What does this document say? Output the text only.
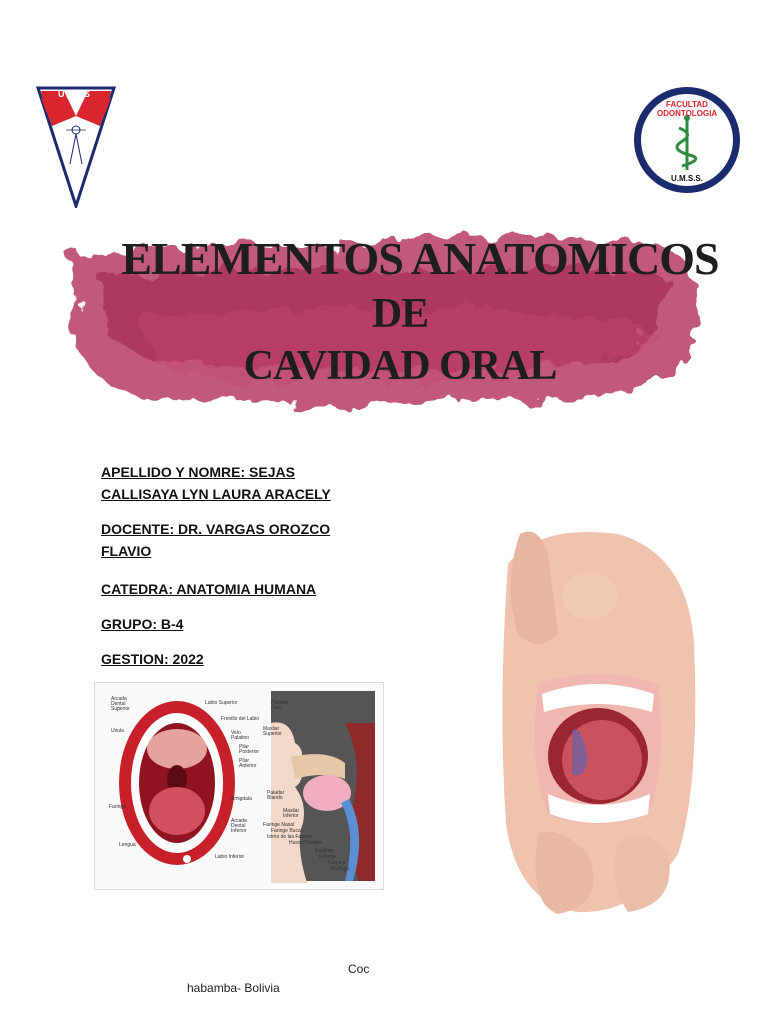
UMSS
FACULTAD
ODONTOLOGIA
U.M.S.S.
ELEMENTOS ANATOMICOS
DE
CAVIDAD ORAL
APELLIDO Y NOMRE: SEJAS CALLISAYA LYN LAURA ARACELY
DOCENTE: DR. VARGAS OROZCO FLAVIO
CATEDRA: ANATOMIA HUMANA
GRUPO: B-4
GESTION: 2022
Arcada Dental Superior
Uvula
Faringe
Lengua
Labio Superior
Frenillo del Labio
Velo Palatino
Pilar Posterior
Pilar Anterior
Amigdala
Arcada Dental Inferior
Labio Inferior
Paladar Duro
Maxilar Superior
Paladar Blando
Maxilar Inferior
Faringe Nasal
Faringe Bucal
Istmo de las Fauces
Hueso Hioides
Epiglotis
Faringe
Traquea
Esófago
Coc
habamba- Bolivia
